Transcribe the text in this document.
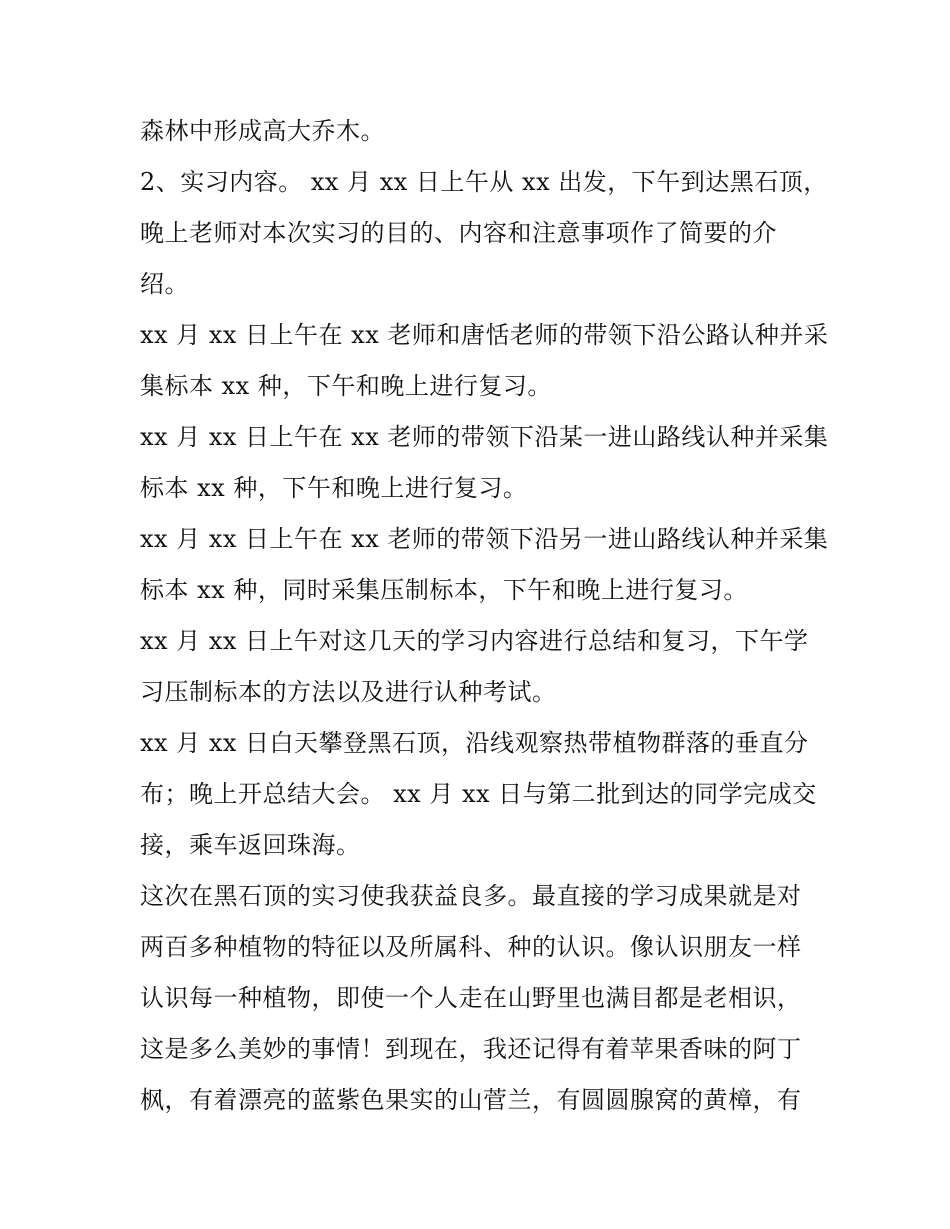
森林中形成高大乔木。
2、实习内容。 xx 月 xx 日上午从 xx 出发，下午到达黑石顶，
晚上老师对本次实习的目的、内容和注意事项作了简要的介
绍。
xx 月 xx 日上午在 xx 老师和唐恬老师的带领下沿公路认种并采
集标本 xx 种，下午和晚上进行复习。
xx 月 xx 日上午在 xx 老师的带领下沿某一进山路线认种并采集
标本 xx 种，下午和晚上进行复习。
xx 月 xx 日上午在 xx 老师的带领下沿另一进山路线认种并采集
标本 xx 种，同时采集压制标本，下午和晚上进行复习。
xx 月 xx 日上午对这几天的学习内容进行总结和复习，下午学
习压制标本的方法以及进行认种考试。
xx 月 xx 日白天攀登黑石顶，沿线观察热带植物群落的垂直分
布；晚上开总结大会。 xx 月 xx 日与第二批到达的同学完成交
接，乘车返回珠海。
这次在黑石顶的实习使我获益良多。最直接的学习成果就是对
两百多种植物的特征以及所属科、种的认识。像认识朋友一样
认识每一种植物，即使一个人走在山野里也满目都是老相识，
这是多么美妙的事情！到现在，我还记得有着苹果香味的阿丁
枫，有着漂亮的蓝紫色果实的山菅兰，有圆圆腺窝的黄樟，有
